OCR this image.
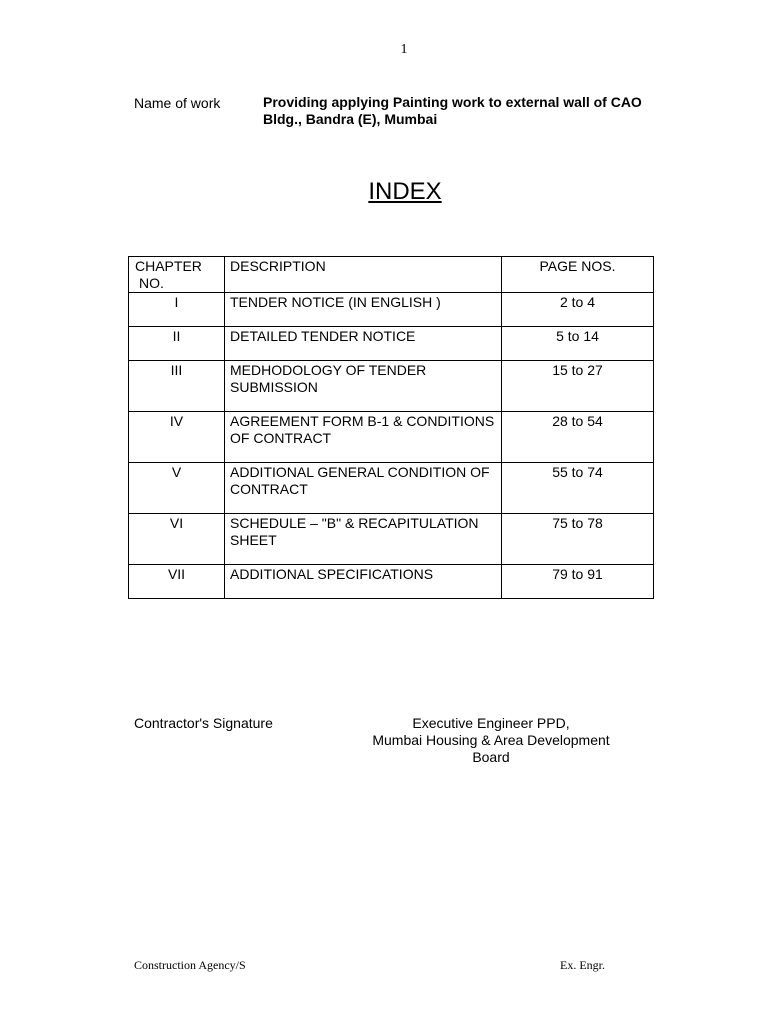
1
Name of work	Providing applying Painting work to external wall of CAO Bldg., Bandra (E), Mumbai
INDEX
CHAPTER
NO.	DESCRIPTION	PAGE NOS.
I	TENDER NOTICE (IN ENGLISH )	2 to 4
II	DETAILED TENDER NOTICE	5 to 14
III	MEDHODOLOGY OF TENDER SUBMISSION	15 to 27
IV	AGREEMENT FORM B-1 & CONDITIONS OF CONTRACT	28 to 54
V	ADDITIONAL GENERAL CONDITION OF CONTRACT	55 to 74
VI	SCHEDULE – "B" & RECAPITULATION SHEET	75 to 78
VII	ADDITIONAL SPECIFICATIONS	79 to 91
Contractor's Signature	Executive Engineer PPD,
Mumbai Housing & Area Development Board
Construction Agency/S	Ex. Engr.
